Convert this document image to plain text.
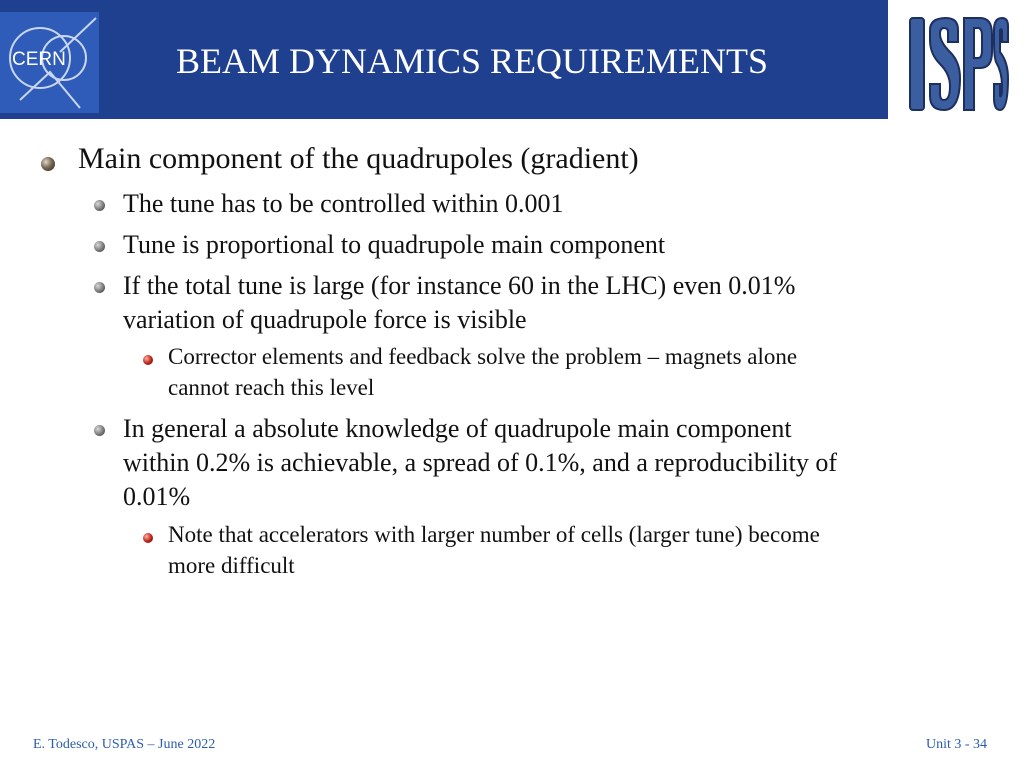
CERN	BEAM DYNAMICS REQUIREMENTS
Main component of the quadrupoles (gradient)
The tune has to be controlled within 0.001
Tune is proportional to quadrupole main component
If the total tune is large (for instance 60 in the LHC) even 0.01%
variation of quadrupole force is visible
Corrector elements and feedback solve the problem – magnets alone
cannot reach this level
In general a absolute knowledge of quadrupole main component
within 0.2% is achievable, a spread of 0.1%, and a reproducibility of
0.01%
Note that accelerators with larger number of cells (larger tune) become
more difficult
E. Todesco, USPAS – June 2022	Unit 3 - 34
